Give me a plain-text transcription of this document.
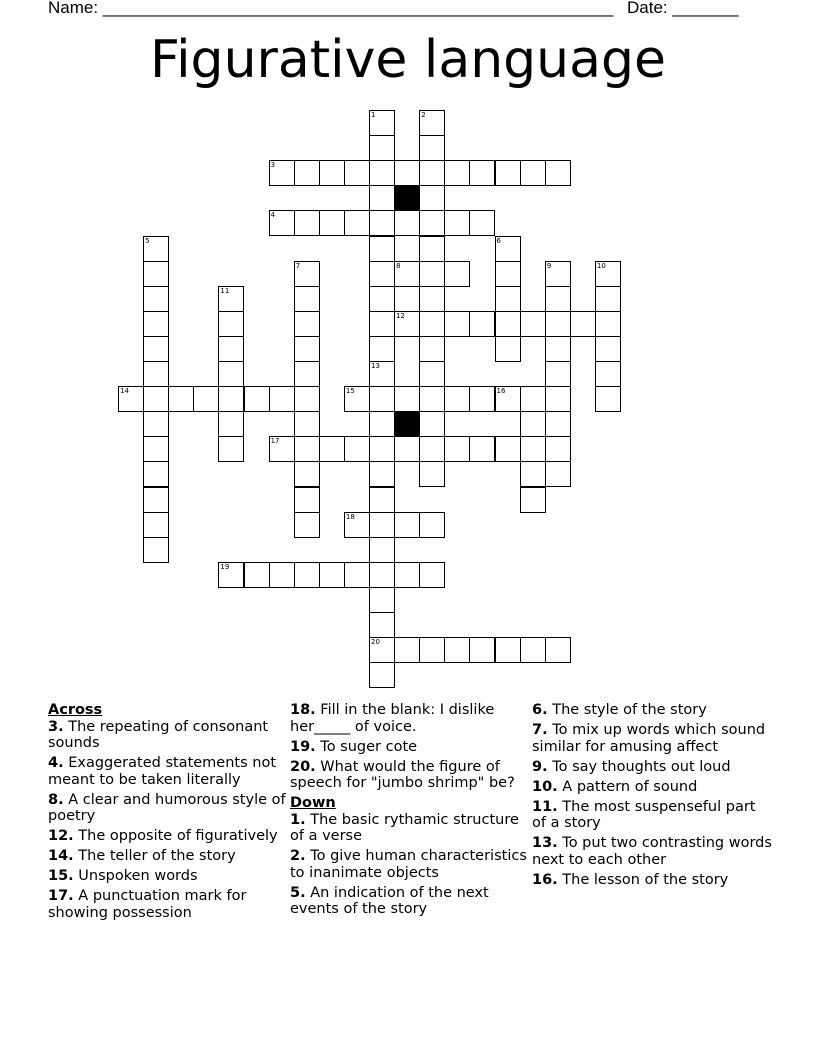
Name: ______________________________________________________ Date: _______
Figurative language
3
4
8
12
14	15	16
17
18
19
20
1
13
2
5	6
7	9	10
11
Across
3. The repeating of consonant sounds
4. Exaggerated statements not meant to be taken literally
8. A clear and humorous style of poetry
12. The opposite of figuratively
14. The teller of the story
15. Unspoken words
17. A punctuation mark for showing possession
18. Fill in the blank: I dislike her_____ of voice.
19. To suger cote
20. What would the figure of speech for "jumbo shrimp" be?
Down
1. The basic rythamic structure of a verse
2. To give human characteristics to inanimate objects
5. An indication of the next events of the story
6. The style of the story
7. To mix up words which sound similar for amusing affect
9. To say thoughts out loud
10. A pattern of sound
11. The most suspenseful part of a story
13. To put two contrasting words next to each other
16. The lesson of the story
